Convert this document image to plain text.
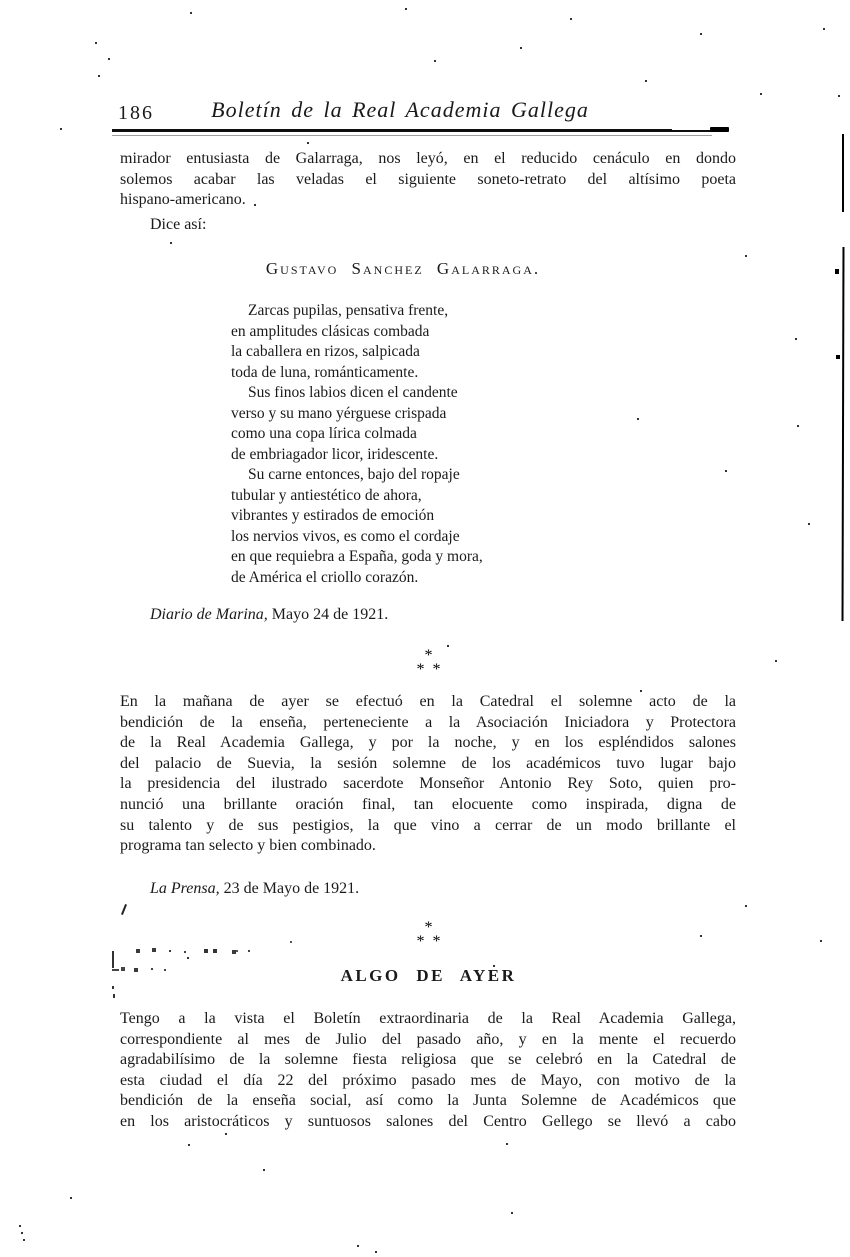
186	Boletín de la Real Academia Gallega
mirador entusiasta de Galarraga, nos leyó, en el reducido cenáculo en dondo
solemos acabar las veladas el siguiente soneto-retrato del altísimo poeta
hispano-americano.
Dice así:
Gustavo Sanchez Galarraga.
Zarcas pupilas, pensativa frente,
en amplitudes clásicas combada
la caballera en rizos, salpicada
toda de luna, románticamente.
Sus finos labios dicen el candente
verso y su mano yérguese crispada
como una copa lírica colmada
de embriagador licor, iridescente.
Su carne entonces, bajo del ropaje
tubular y antiestético de ahora,
vibrantes y estirados de emoción
los nervios vivos, es como el cordaje
en que requiebra a España, goda y mora,
de América el criollo corazón.
Diario de Marina, Mayo 24 de 1921.
*
*  *
En la mañana de ayer se efectuó en la Catedral el solemne acto de la
bendición de la enseña, perteneciente a la Asociación Iniciadora y Protectora
de la Real Academia Gallega, y por la noche, y en los espléndidos salones
del palacio de Suevia, la sesión solemne de los académicos tuvo lugar bajo
la presidencia del ilustrado sacerdote Monseñor Antonio Rey Soto, quien pro-
nunció una brillante oración final, tan elocuente como inspirada, digna de
su talento y de sus pestigios, la que vino a cerrar de un modo brillante el
programa tan selecto y bien combinado.
La Prensa, 23 de Mayo de 1921.
*
*  *
ALGO DE AYER
Tengo a la vista el Boletín extraordinaria de la Real Academia Gallega,
correspondiente al mes de Julio del pasado año, y en la mente el recuerdo
agradabilísimo de la solemne fiesta religiosa que se celebró en la Catedral de
esta ciudad el día 22 del próximo pasado mes de Mayo, con motivo de la
bendición de la enseña social, así como la Junta Solemne de Académicos que
en los aristocráticos y suntuosos salones del Centro Gellego se llevó a cabo
